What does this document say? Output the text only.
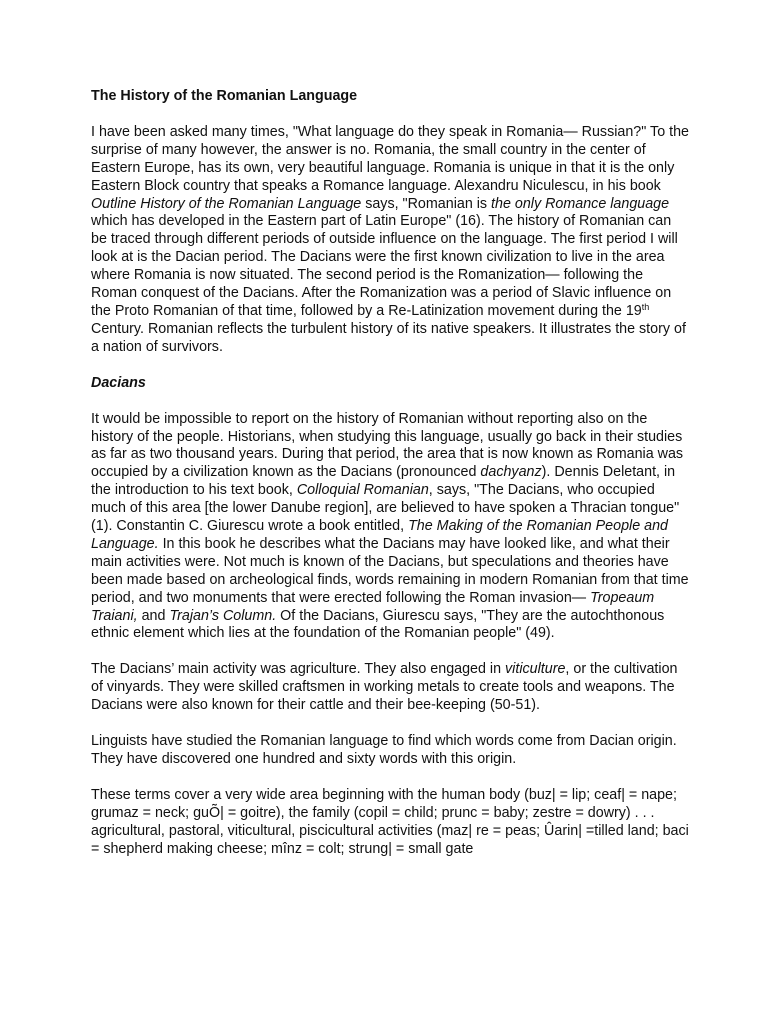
The History of the Romanian Language

I have been asked many times, "What language do they speak in Romania— Russian?" To the surprise of many however, the answer is no. Romania, the small country in the center of Eastern Europe, has its own, very beautiful language. Romania is unique in that it is the only Eastern Block country that speaks a Romance language. Alexandru Niculescu, in his book Outline History of the Romanian Language says, "Romanian is the only Romance language which has developed in the Eastern part of Latin Europe" (16). The history of Romanian can be traced through different periods of outside influence on the language. The first period I will look at is the Dacian period. The Dacians were the first known civilization to live in the area where Romania is now situated. The second period is the Romanization— following the Roman conquest of the Dacians. After the Romanization was a period of Slavic influence on the Proto Romanian of that time, followed by a Re-Latinization movement during the 19th Century. Romanian reflects the turbulent history of its native speakers. It illustrates the story of a nation of survivors.

Dacians

It would be impossible to report on the history of Romanian without reporting also on the history of the people. Historians, when studying this language, usually go back in their studies as far as two thousand years. During that period, the area that is now known as Romania was occupied by a civilization known as the Dacians (pronounced dachyanz). Dennis Deletant, in the introduction to his text book, Colloquial Romanian, says, "The Dacians, who occupied much of this area [the lower Danube region], are believed to have spoken a Thracian tongue" (1). Constantin C. Giurescu wrote a book entitled, The Making of the Romanian People and Language. In this book he describes what the Dacians may have looked like, and what their main activities were. Not much is known of the Dacians, but speculations and theories have been made based on archeological finds, words remaining in modern Romanian from that time period, and two monuments that were erected following the Roman invasion— Tropeaum Traiani, and Trajan’s Column. Of the Dacians, Giurescu says, "They are the autochthonous ethnic element which lies at the foundation of the Romanian people" (49).

The Dacians’ main activity was agriculture. They also engaged in viticulture, or the cultivation of vinyards. They were skilled craftsmen in working metals to create tools and weapons. The Dacians were also known for their cattle and their bee-keeping (50-51).

Linguists have studied the Romanian language to find which words come from Dacian origin. They have discovered one hundred and sixty words with this origin.

These terms cover a very wide area beginning with the human body (buz| = lip; ceaf| = nape; grumaz = neck; guÕ| = goitre), the family (copil = child; prunc = baby; zestre = dowry) . . . agricultural, pastoral, viticultural, piscicultural activities (maz| re = peas; Ûarin| =tilled land; baci = shepherd making cheese; mînz = colt; strung| = small gate
